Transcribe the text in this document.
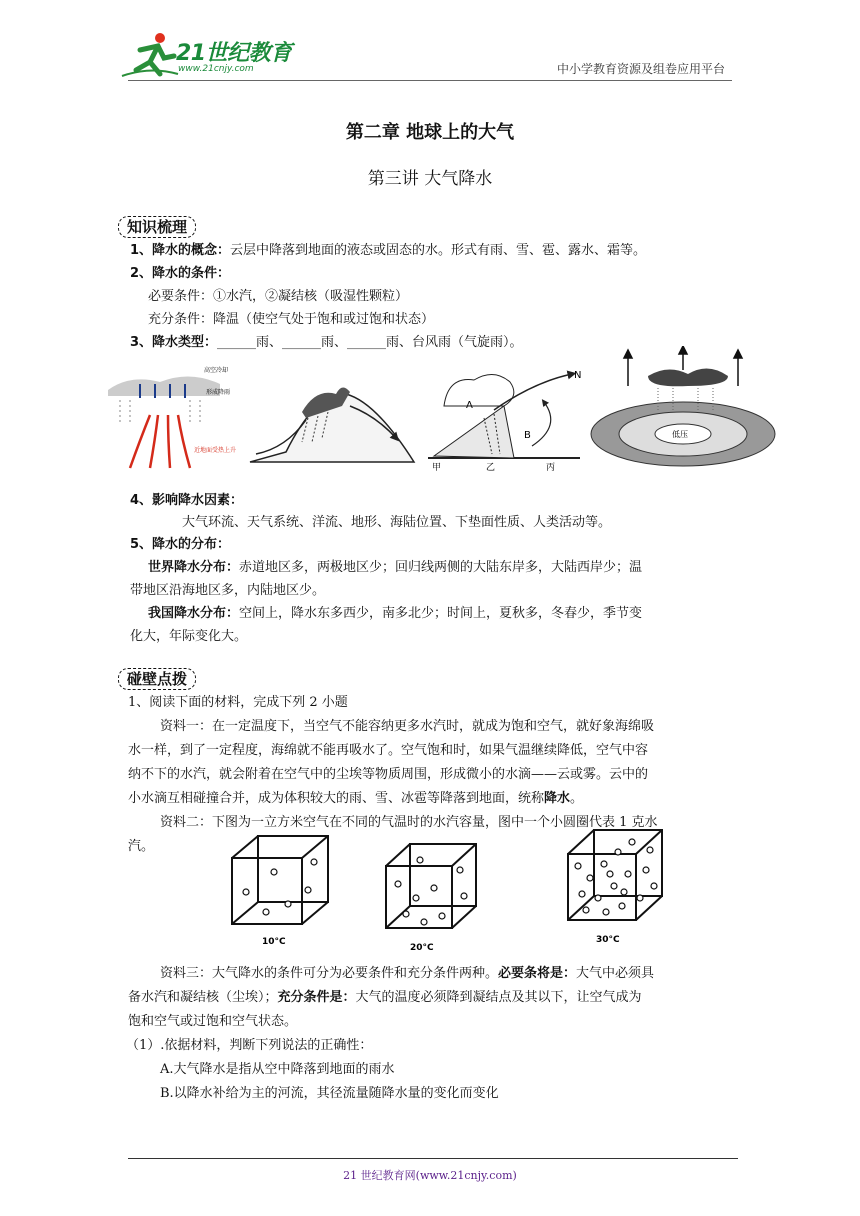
21世纪教育
www.21cnjy.com	中小学教育资源及组卷应用平台
第二章 地球上的大气
第三讲 大气降水
知识梳理
1、降水的概念：云层中降落到地面的液态或固态的水。形式有雨、雪、雹、露水、霜等。
2、降水的条件：
必要条件：①水汽，②凝结核（吸湿性颗粒）
充分条件：降温（使空气处于饱和或过饱和状态）
3、降水类型：______雨、______雨、______雨、台风雨（气旋雨）。
高空冷却
形成降雨
近地面受热上升
N
A
B
甲	乙	丙
低压
4、影响降水因素：
大气环流、天气系统、洋流、地形、海陆位置、下垫面性质、人类活动等。
5、降水的分布：
世界降水分布：赤道地区多，两极地区少；回归线两侧的大陆东岸多，大陆西岸少；温
带地区沿海地区多，内陆地区少。
我国降水分布：空间上，降水东多西少，南多北少；时间上，夏秋多，冬春少，季节变
化大，年际变化大。
碰壁点拨
1、阅读下面的材料，完成下列 2 小题
资料一：在一定温度下，当空气不能容纳更多水汽时，就成为饱和空气，就好象海绵吸
水一样，到了一定程度，海绵就不能再吸水了。空气饱和时，如果气温继续降低，空气中容
纳不下的水汽，就会附着在空气中的尘埃等物质周围，形成微小的水滴——云或雾。云中的
小水滴互相碰撞合并，成为体积较大的雨、雪、冰雹等降落到地面，统称降水。
资料二：下图为一立方米空气在不同的气温时的水汽容量，图中一个小圆圈代表 1 克水
汽。
10°C
20°C
30°C
资料三：大气降水的条件可分为必要条件和充分条件两种。必要条将是：大气中必须具
备水汽和凝结核（尘埃）；充分条件是：大气的温度必须降到凝结点及其以下，让空气成为
饱和空气或过饱和空气状态。
（1）.依据材料，判断下列说法的正确性：
A.大气降水是指从空中降落到地面的雨水
B.以降水补给为主的河流，其径流量随降水量的变化而变化
21 世纪教育网(www.21cnjy.com)
